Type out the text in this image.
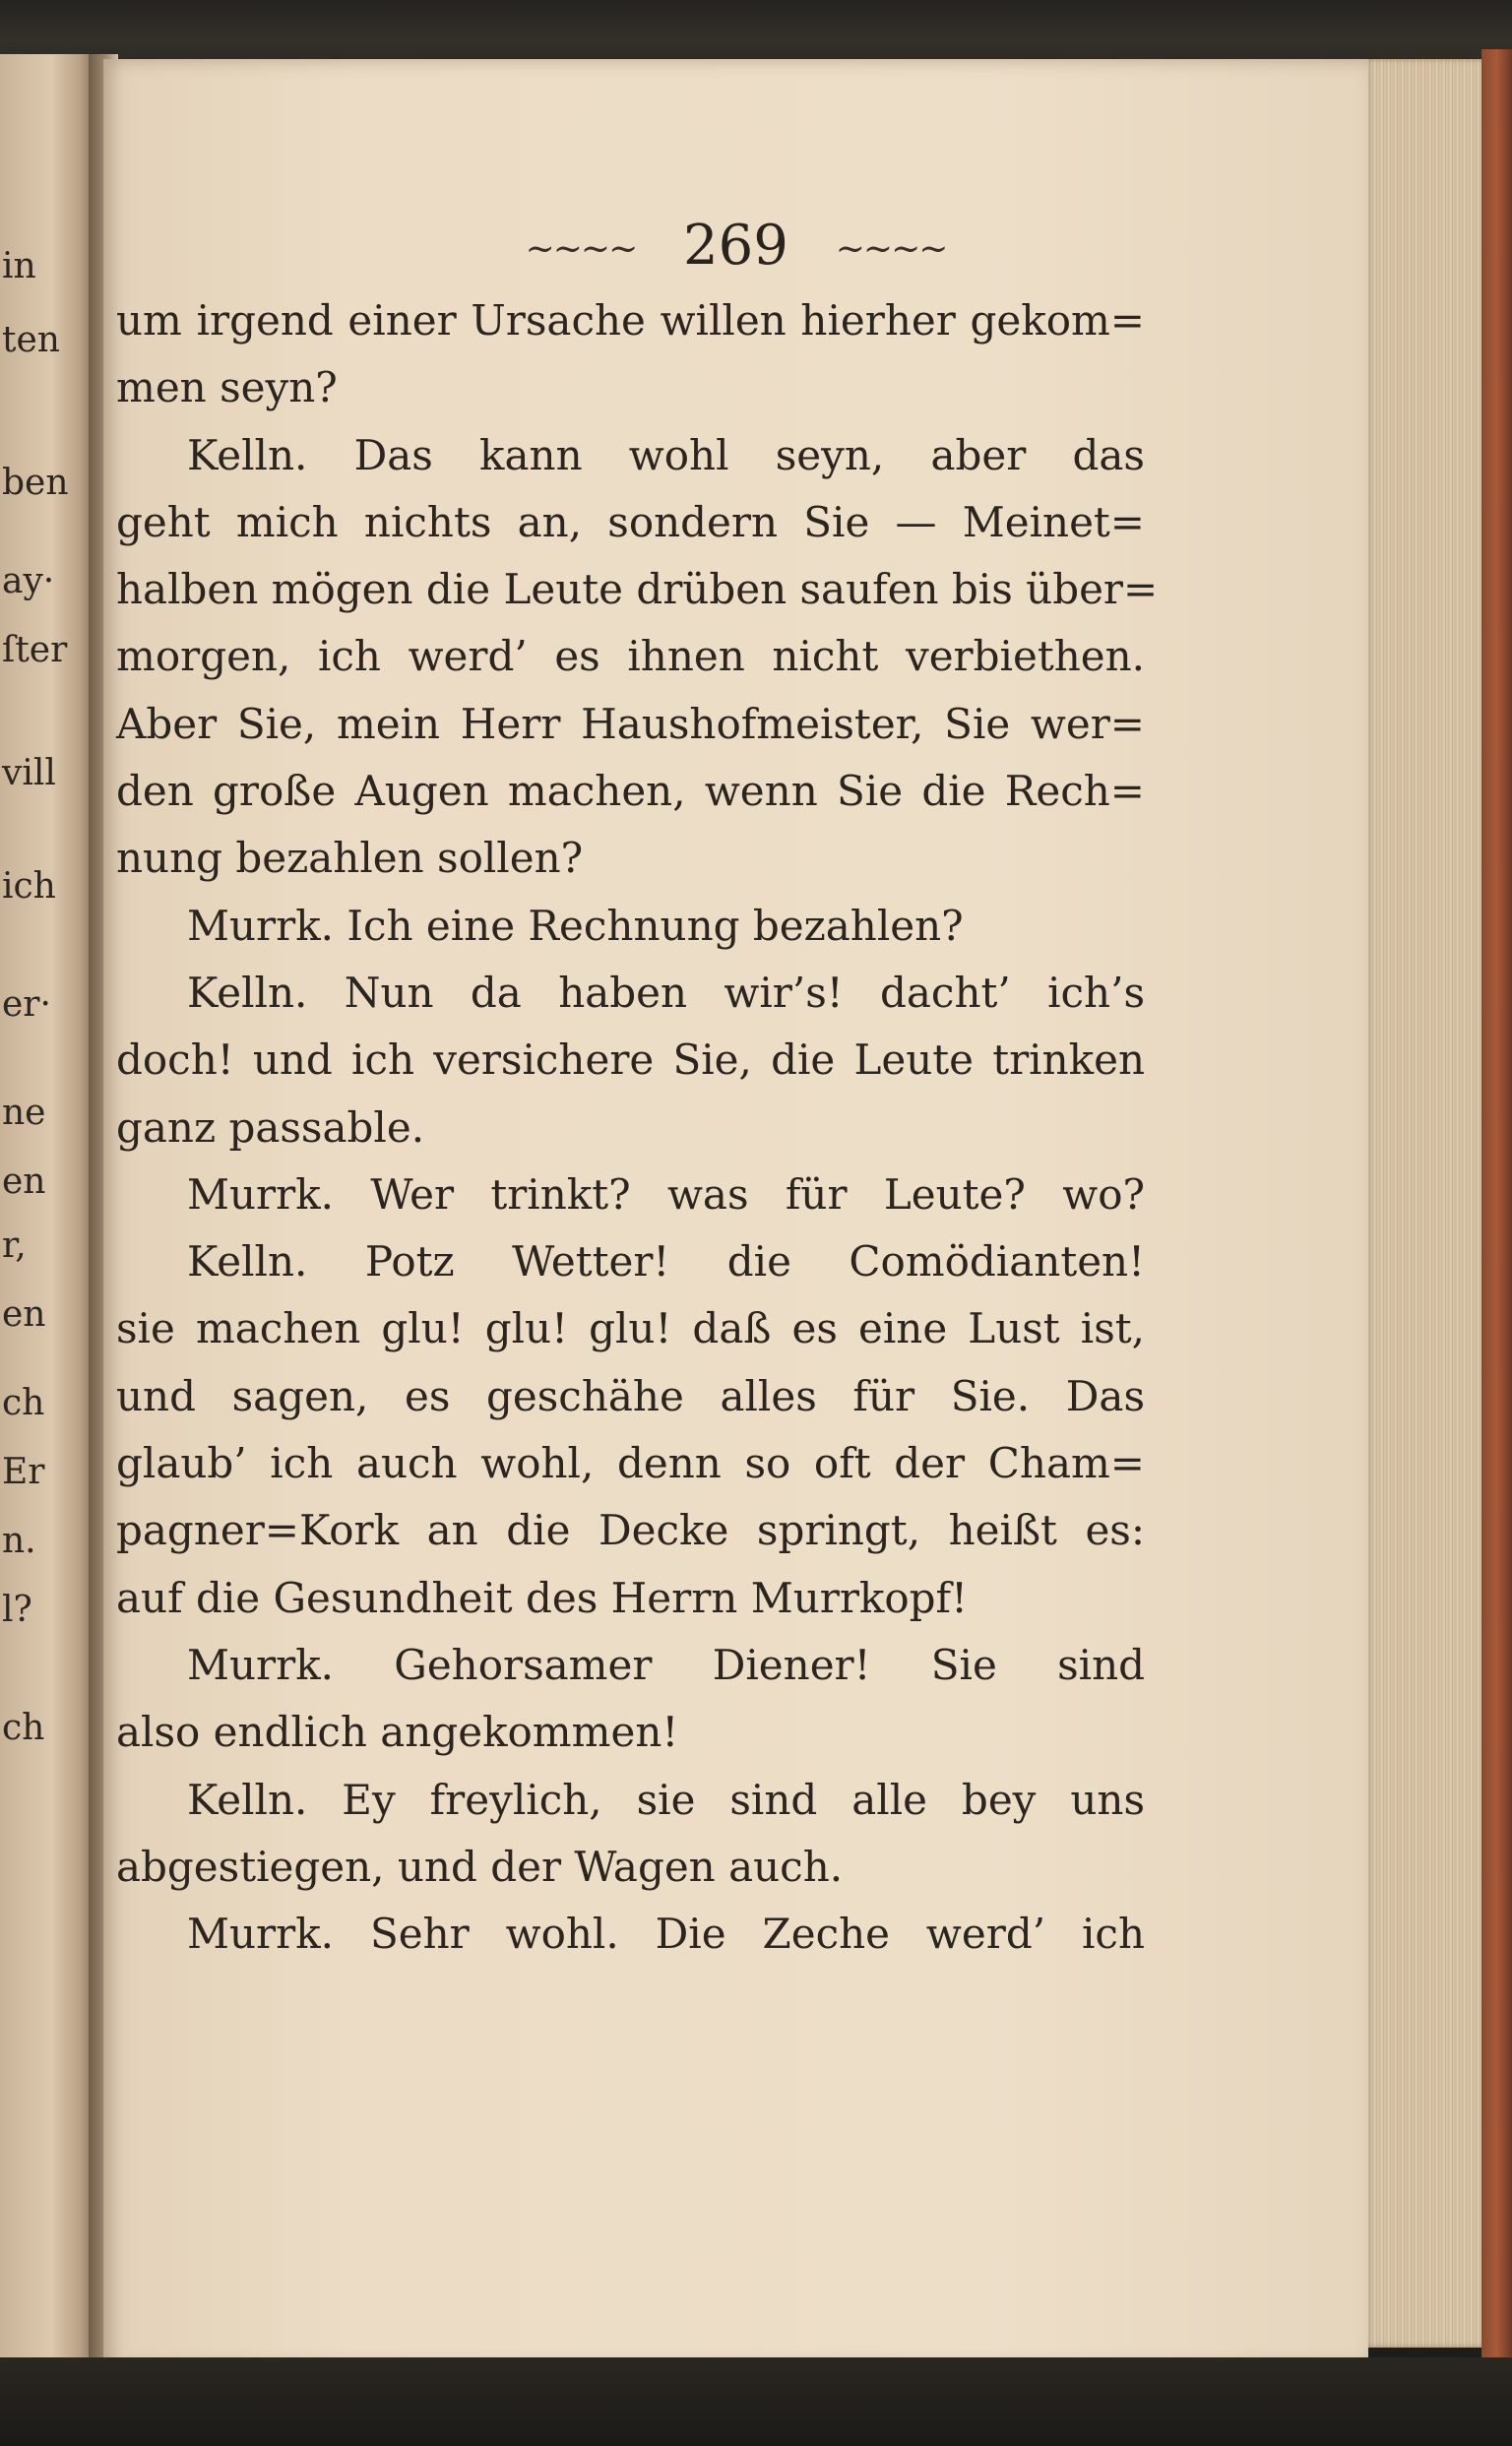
in
ten
ben
ay·
ſter
vill
ich
er·
ne
en
r,
en
ch
Er
n.
l?
ch
~~~~ 269 ~~~~
um irgend einer Ursache willen hierher gekom=
men seyn?
Kelln. Das kann wohl seyn, aber das
geht mich nichts an, sondern Sie — Meinet=
halben mögen die Leute drüben saufen bis über=
morgen, ich werd’ es ihnen nicht verbiethen.
Aber Sie, mein Herr Haushofmeister, Sie wer=
den große Augen machen, wenn Sie die Rech=
nung bezahlen sollen?
Murrk. Ich eine Rechnung bezahlen?
Kelln. Nun da haben wir’s! dacht’ ich’s
doch! und ich versichere Sie, die Leute trinken
ganz passable.
Murrk. Wer trinkt? was für Leute? wo?
Kelln. Potz Wetter! die Comödianten!
sie machen glu! glu! glu! daß es eine Lust ist,
und sagen, es geschähe alles für Sie. Das
glaub’ ich auch wohl, denn so oft der Cham=
pagner=Kork an die Decke springt, heißt es:
auf die Gesundheit des Herrn Murrkopf!
Murrk. Gehorsamer Diener! Sie sind
also endlich angekommen!
Kelln. Ey freylich, sie sind alle bey uns
abgestiegen, und der Wagen auch.
Murrk. Sehr wohl. Die Zeche werd’ ich
